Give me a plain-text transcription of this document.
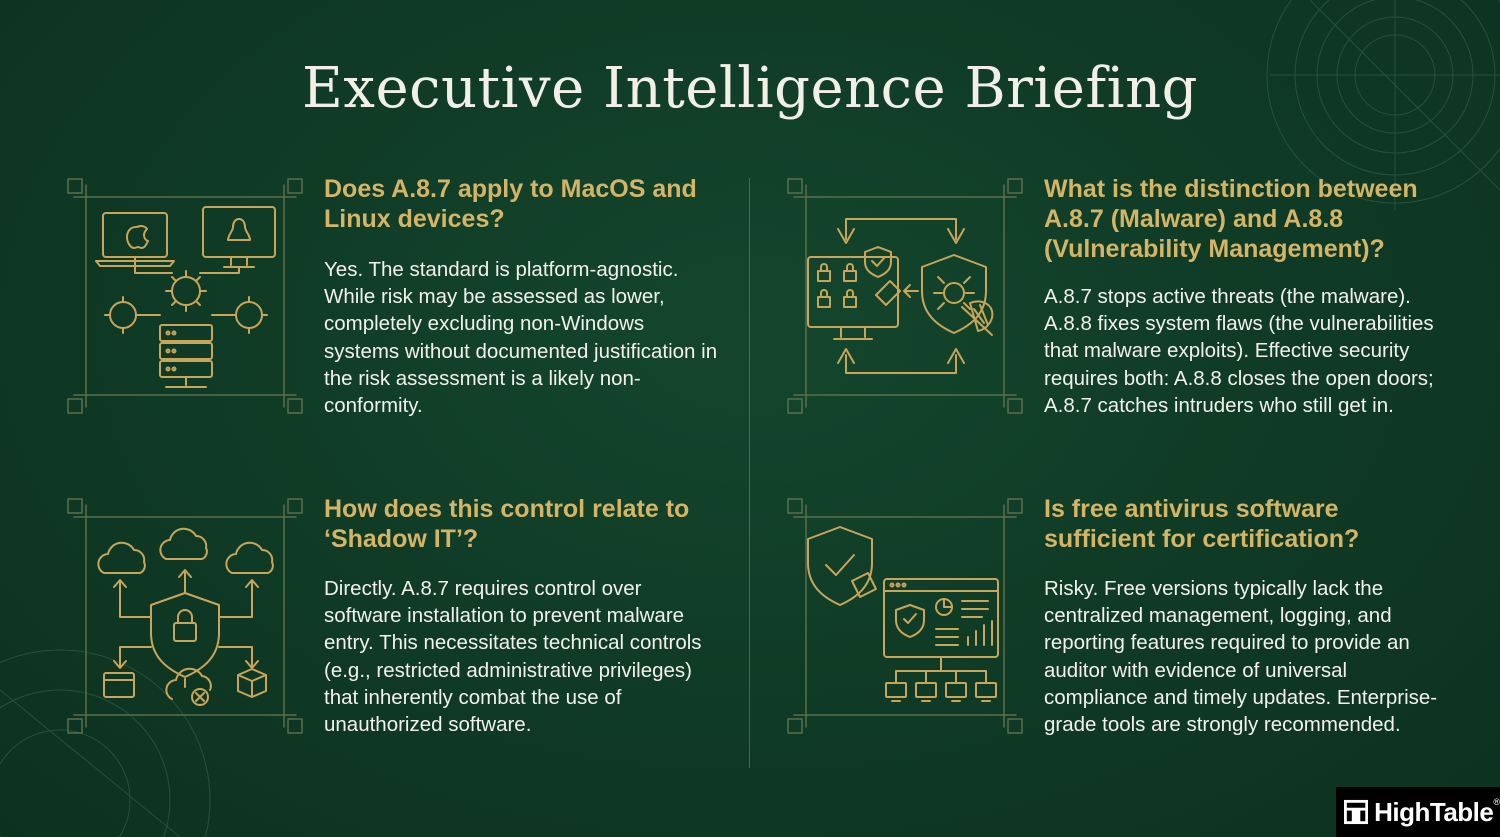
Executive Intelligence Briefing
Does A.8.7 apply to MacOS and Linux devices?
Yes. The standard is platform-agnostic. While risk may be assessed as lower, completely excluding non-Windows systems without documented justification in the risk assessment is a likely non-conformity.
What is the distinction between A.8.7 (Malware) and A.8.8 (Vulnerability Management)?
A.8.7 stops active threats (the malware). A.8.8 fixes system flaws (the vulnerabilities that malware exploits). Effective security requires both: A.8.8 closes the open doors; A.8.7 catches intruders who still get in.
How does this control relate to ‘Shadow IT’?
Directly. A.8.7 requires control over software installation to prevent malware entry. This necessitates technical controls (e.g., restricted administrative privileges) that inherently combat the use of unauthorized software.
Is free antivirus software sufficient for certification?
Risky. Free versions typically lack the centralized management, logging, and reporting features required to provide an auditor with evidence of universal compliance and timely updates. Enterprise-grade tools are strongly recommended.
HighTable ®
